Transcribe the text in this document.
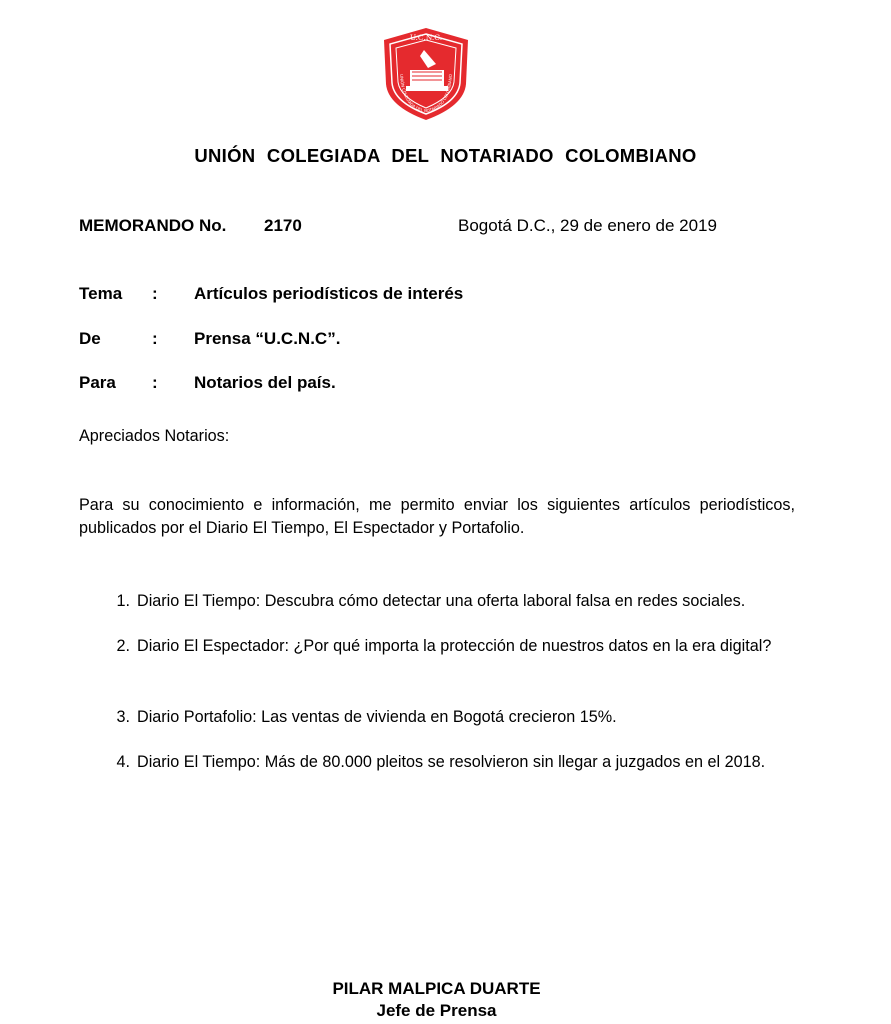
U.C.N.C.
UNIÓN COLEGIADA DEL NOTARIADO COLOMBIANO
UNIÓN COLEGIADA DEL NOTARIADO COLOMBIANO
MEMORANDO No. 2170	Bogotá D.C., 29 de enero de 2019
Tema : Artículos periodísticos de interés
De	: Prensa “U.C.N.C”.
Para : Notarios del país.
Apreciados Notarios:
Para su conocimiento e información, me permito enviar los siguientes artículos periodísticos, publicados por el Diario El Tiempo, El Espectador y Portafolio.
1. Diario El Tiempo: Descubra cómo detectar una oferta laboral falsa en redes sociales.
2. Diario El Espectador: ¿Por qué importa la protección de nuestros datos en la era digital?
3. Diario Portafolio: Las ventas de vivienda en Bogotá crecieron 15%.
4. Diario El Tiempo: Más de 80.000 pleitos se resolvieron sin llegar a juzgados en el 2018.
PILAR MALPICA DUARTE
Jefe de Prensa
